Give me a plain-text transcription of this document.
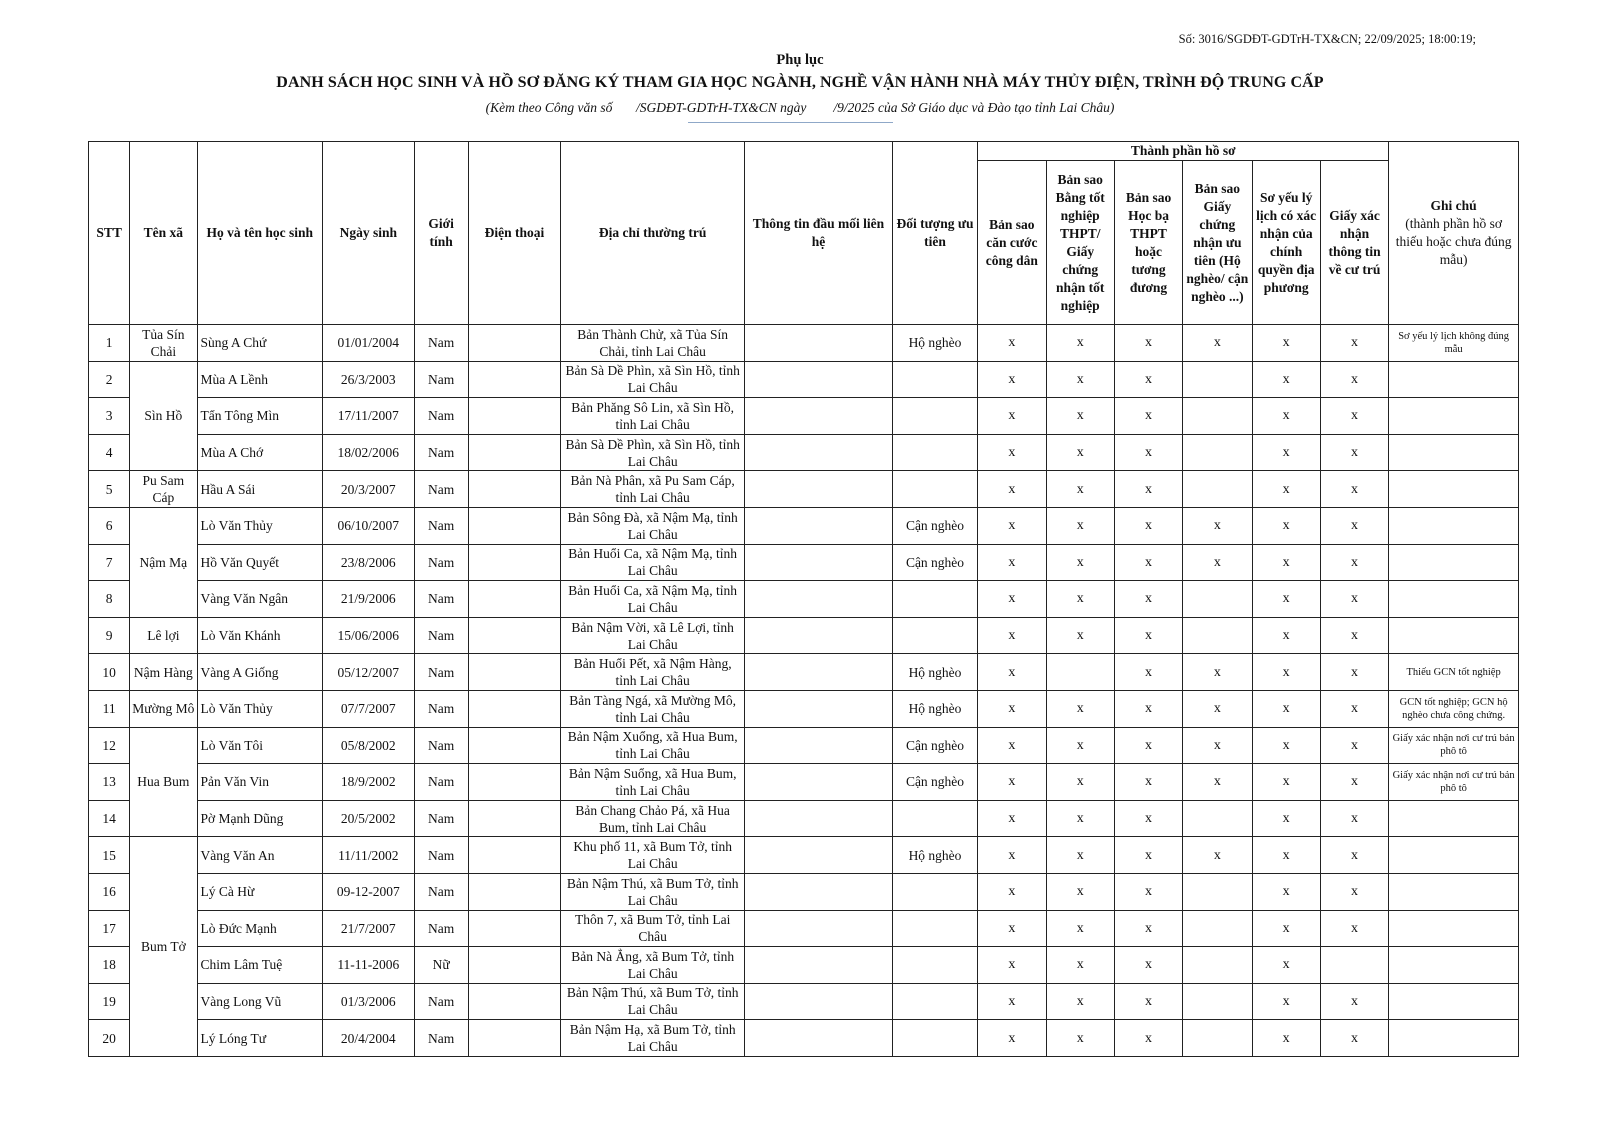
Số: 3016/SGDĐT-GDTrH-TX&CN; 22/09/2025; 18:00:19;
Phụ lục
DANH SÁCH HỌC SINH VÀ HỒ SƠ ĐĂNG KÝ THAM GIA HỌC NGÀNH, NGHỀ VẬN HÀNH NHÀ MÁY THỦY ĐIỆN, TRÌNH ĐỘ TRUNG CẤP
(Kèm theo Công văn số       /SGDĐT-GDTrH-TX&CN ngày        /9/2025 của Sở Giáo dục và Đào tạo tỉnh Lai Châu)
STT	Tên xã	Họ và tên học sinh	Ngày sinh	Giới tính	Điện thoại	Địa chỉ thường trú	Thông tin đầu mối liên hệ	Đối tượng ưu tiên	Thành phần hồ sơ						Ghi chú
(thành phần hồ sơ thiếu hoặc chưa đúng mẫu)
									Bản sao căn cước công dân	Bản sao Bằng tốt nghiệp THPT/ Giấy chứng nhận tốt nghiệp	Bản sao Học bạ THPT hoặc tương đương	Bản sao Giấy chứng nhận ưu tiên (Hộ nghèo/ cận nghèo ...)	Sơ yếu lý lịch có xác nhận của chính quyền địa phương	Giấy xác nhận thông tin về cư trú	
1	Tủa Sín Chải	Sùng A Chứ	01/01/2004	Nam		Bản Thành Chử, xã Tủa Sín Chải, tỉnh Lai Châu		Hộ nghèo	x	x	x	x	x	x	Sơ yếu lý lịch không đúng mẫu
2	Sìn Hồ	Mùa A Lềnh	26/3/2003	Nam		Bản Sà Dề Phìn, xã Sìn Hồ, tỉnh Lai Châu			x	x	x		x	x	
3		Tẩn Tông Mìn	17/11/2007	Nam		Bản Phăng Sô Lin, xã Sìn Hồ, tỉnh Lai Châu			x	x	x		x	x	
4		Mùa A Chớ	18/02/2006	Nam		Bản Sà Dề Phìn, xã Sìn Hồ, tỉnh Lai Châu			x	x	x		x	x	
5	Pu Sam Cáp	Hầu A Sái	20/3/2007	Nam		Bản Nà Phân, xã Pu Sam Cáp, tỉnh Lai Châu			x	x	x		x	x	
6	Nậm Mạ	Lò Văn Thủy	06/10/2007	Nam		Bản Sông Đà, xã Nậm Mạ, tỉnh Lai Châu		Cận nghèo	x	x	x	x	x	x	
7		Hồ Văn Quyết	23/8/2006	Nam		Bản Huổi Ca, xã Nậm Mạ, tỉnh Lai Châu		Cận nghèo	x	x	x	x	x	x	
8		Vàng Văn Ngân	21/9/2006	Nam		Bản Huổi Ca, xã Nậm Mạ, tỉnh Lai Châu			x	x	x		x	x	
9	Lê lợi	Lò Văn Khánh	15/06/2006	Nam		Bản Nậm Vời, xã Lê Lợi, tỉnh Lai Châu			x	x	x		x	x	
10	Nậm Hàng	Vàng A Giống	05/12/2007	Nam		Bản Huổi Pết, xã Nậm Hàng, tỉnh Lai Châu		Hộ nghèo	x		x	x	x	x	Thiếu GCN tốt nghiệp
11	Mường Mô	Lò Văn Thủy	07/7/2007	Nam		Bản Tàng Ngá, xã Mường Mô, tỉnh Lai Châu		Hộ nghèo	x	x	x	x	x	x	GCN tốt nghiệp; GCN hộ nghèo chưa công chứng.
12	Hua Bum	Lò Văn Tôi	05/8/2002	Nam		Bản Nậm Xuổng, xã Hua Bum, tỉnh Lai Châu		Cận nghèo	x	x	x	x	x	x	Giấy xác nhận nơi cư trú bản phô tô
13		Pản Văn Vin	18/9/2002	Nam		Bản Nậm Suổng, xã Hua Bum, tỉnh Lai Châu		Cận nghèo	x	x	x	x	x	x	Giấy xác nhận nơi cư trú bản phô tô
14		Pờ Mạnh Dũng	20/5/2002	Nam		Bản Chang Chảo Pá, xã Hua Bum, tỉnh Lai Châu			x	x	x		x	x	
15	Bum Tở	Vàng Văn An	11/11/2002	Nam		Khu phố 11, xã Bum Tở, tỉnh Lai Châu		Hộ nghèo	x	x	x	x	x	x	
16		Lý Cà Hừ	09-12-2007	Nam		Bản Nậm Thú, xã Bum Tở, tỉnh Lai Châu			x	x	x		x	x	
17		Lò Đức Mạnh	21/7/2007	Nam		Thôn 7, xã Bum Tở, tỉnh Lai Châu			x	x	x		x	x	
18		Chim Lâm Tuệ	11-11-2006	Nữ		Bản Nà Ẳng, xã Bum Tở, tỉnh Lai Châu			x	x	x		x		
19		Vàng Long Vũ	01/3/2006	Nam		Bản Nậm Thú, xã Bum Tở, tỉnh Lai Châu			x	x	x		x	x	
20		Lý Lóng Tư	20/4/2004	Nam		Bản Nậm Hạ, xã Bum Tở, tỉnh Lai Châu			x	x	x		x	x	
